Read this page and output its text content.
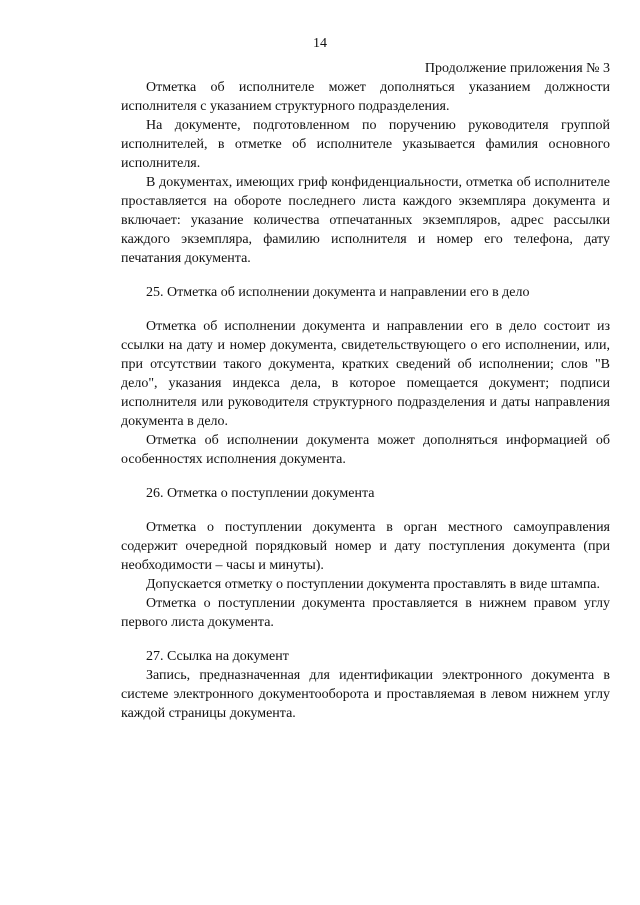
14
Продолжение приложения № 3

Отметка об исполнителе может дополняться указанием должности исполнителя с указанием структурного подразделения.

На документе, подготовленном по поручению руководителя группой исполнителей, в отметке об исполнителе указывается фамилия основного исполнителя.

В документах, имеющих гриф конфиденциальности, отметка об исполнителе проставляется на обороте последнего листа каждого экземпляра документа и включает: указание количества отпечатанных экземпляров, адрес рассылки каждого экземпляра, фамилию исполнителя и номер его телефона, дату печатания документа.

25. Отметка об исполнении документа и направлении его в дело

Отметка об исполнении документа и направлении его в дело состоит из ссылки на дату и номер документа, свидетельствующего о его исполнении, или, при отсутствии такого документа, кратких сведений об исполнении; слов "В дело", указания индекса дела, в которое помещается документ; подписи исполнителя или руководителя структурного подразделения и даты направления документа в дело.

Отметка об исполнении документа может дополняться информацией об особенностях исполнения документа.

26. Отметка о поступлении документа

Отметка о поступлении документа в орган местного самоуправления содержит очередной порядковый номер и дату поступления документа (при необходимости – часы и минуты).

Допускается отметку о поступлении документа проставлять в виде штампа.

Отметка о поступлении документа проставляется в нижнем правом углу первого листа документа.

27. Ссылка на документ

Запись, предназначенная для идентификации электронного документа в системе электронного документооборота и проставляемая в левом нижнем углу каждой страницы документа.
